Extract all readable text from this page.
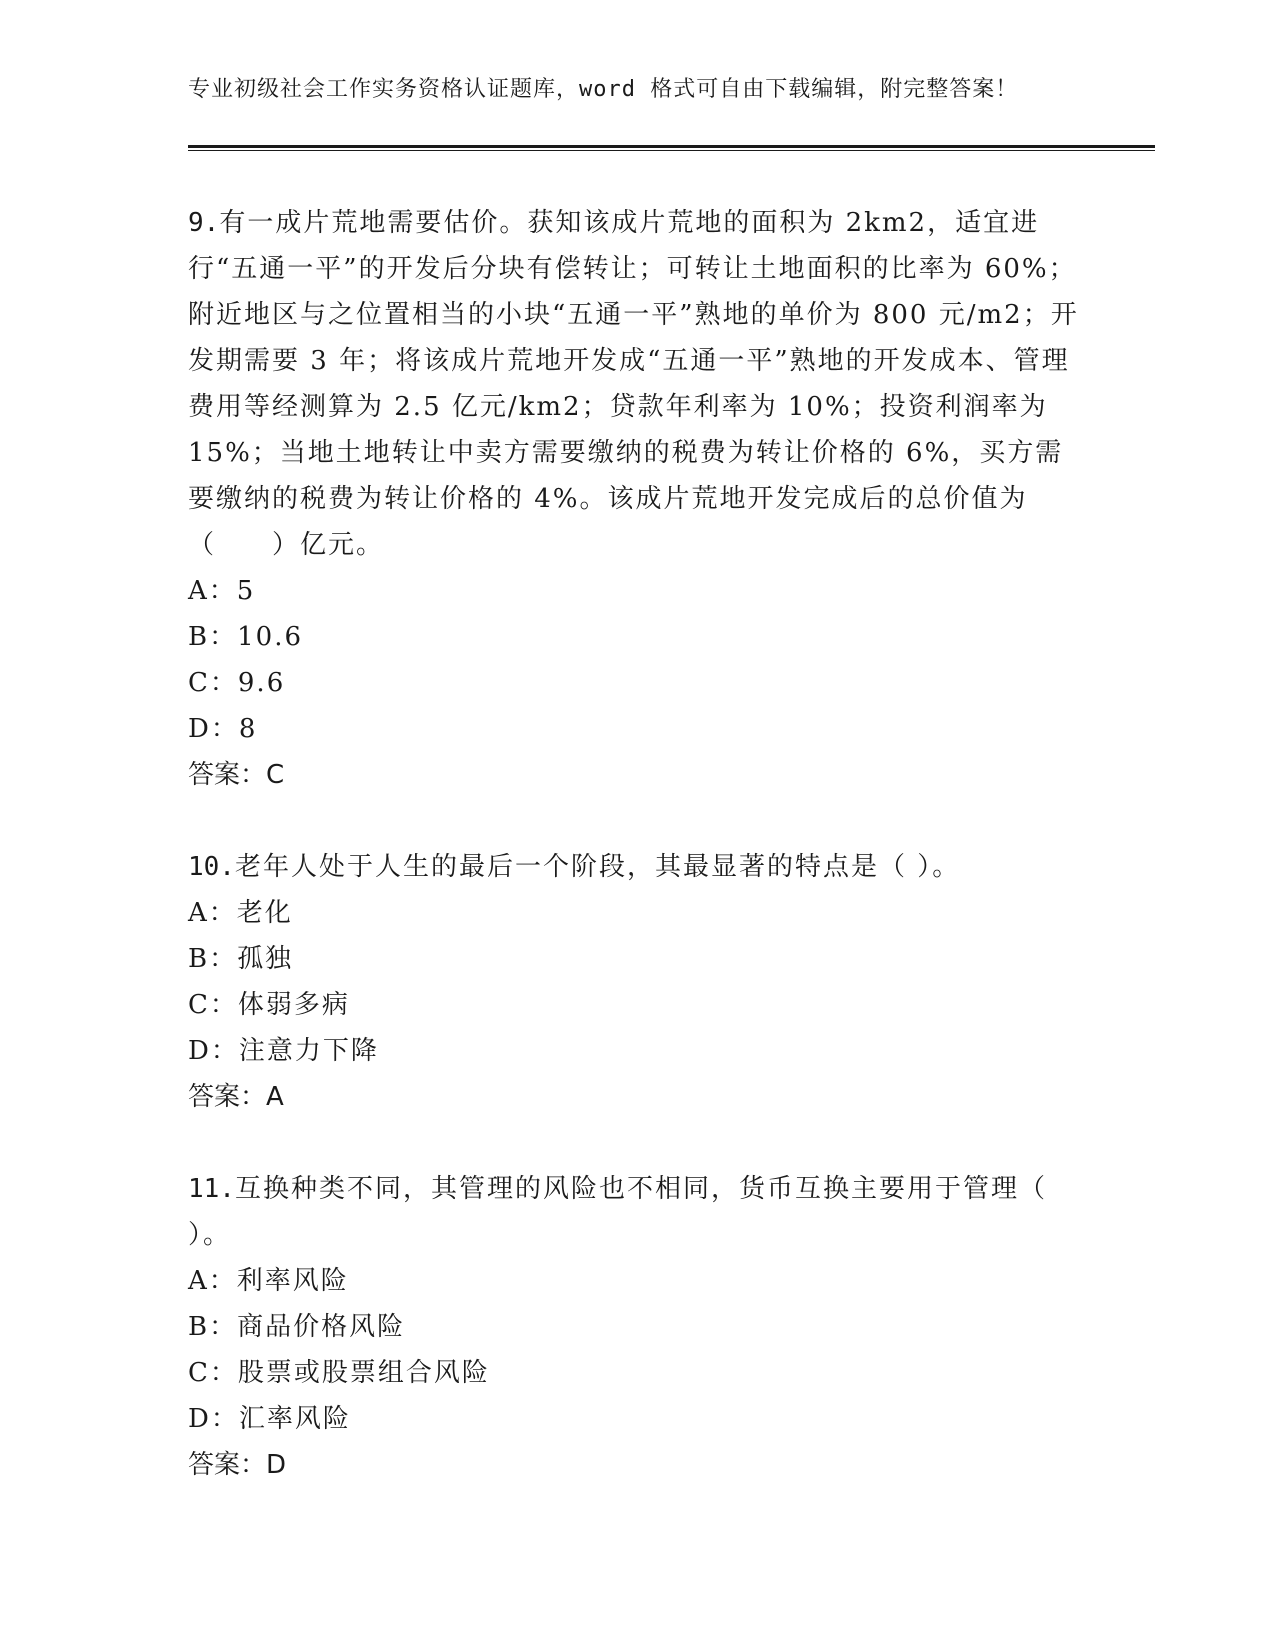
专业初级社会工作实务资格认证题库，word 格式可自由下载编辑，附完整答案！

9.有一成片荒地需要估价。获知该成片荒地的面积为 2km2，适宜进行“五通一平”的开发后分块有偿转让；可转让土地面积的比率为 60%；附近地区与之位置相当的小块“五通一平”熟地的单价为 800 元/m2；开发期需要 3 年；将该成片荒地开发成“五通一平”熟地的开发成本、管理费用等经测算为 2.5 亿元/km2；贷款年利率为 10%；投资利润率为 15%；当地土地转让中卖方需要缴纳的税费为转让价格的 6%，买方需要缴纳的税费为转让价格的 4%。该成片荒地开发完成后的总价值为（　　）亿元。

A：5

B：10.6

C：9.6

D：8

答案：C

10.老年人处于人生的最后一个阶段，其最显著的特点是（ ）。

A：老化

B：孤独

C：体弱多病

D：注意力下降

答案：A

11.互换种类不同，其管理的风险也不相同，货币互换主要用于管理（ ）。

A：利率风险

B：商品价格风险

C：股票或股票组合风险

D：汇率风险

答案：D
